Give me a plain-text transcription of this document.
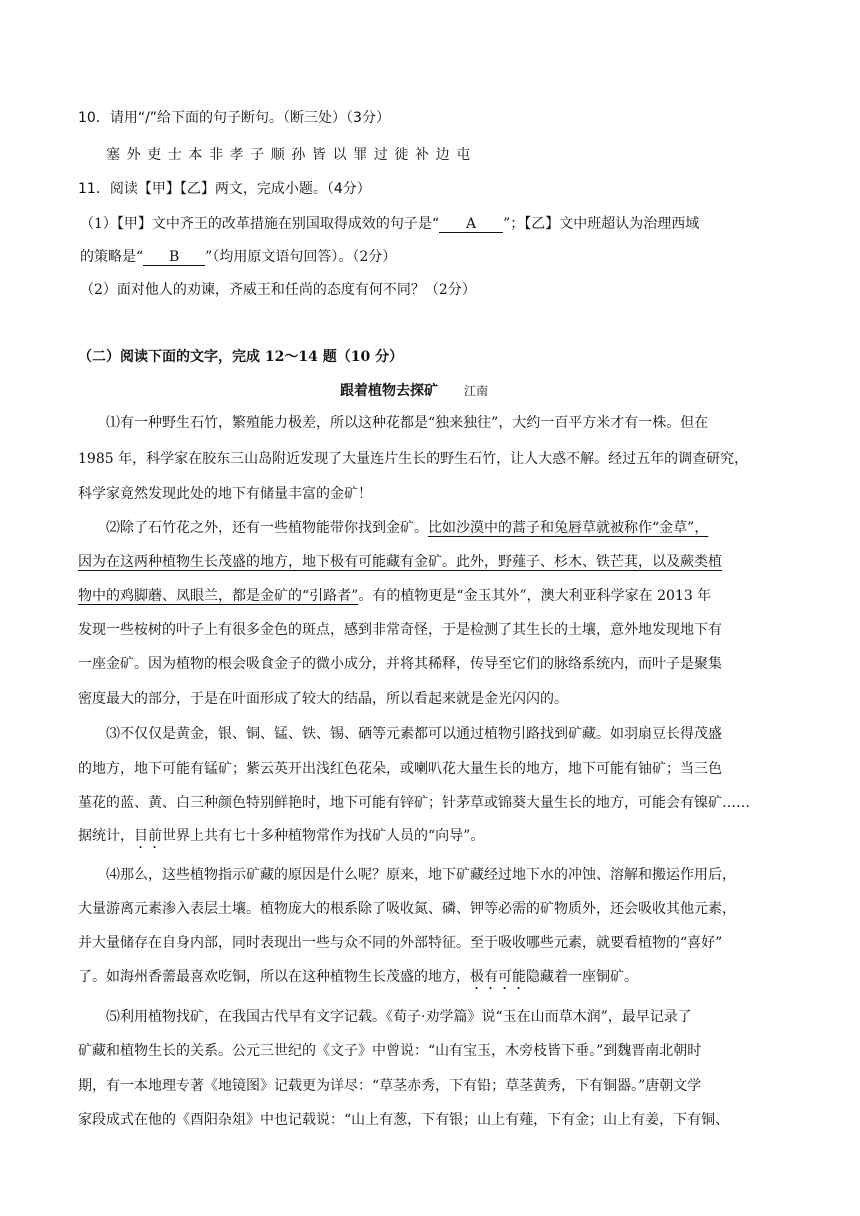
10．请用“/”给下面的句子断句。（断三处）（3分）
塞外吏士本非孝子顺孙皆以罪过徙补边屯
11．阅读【甲】【乙】两文，完成小题。（4分）
（1）【甲】文中齐王的改革措施在别国取得成效的句子是“ A ”；【乙】文中班超认为治理西域
的策略是“ B ”（均用原文语句回答）。（2分）
（2）面对他人的劝谏，齐威王和任尚的态度有何不同？（2分）
（二）阅读下面的文字，完成 12～14 题（10 分）
跟着植物去探矿 江南
⑴有一种野生石竹，繁殖能力极差，所以这种花都是“独来独往”，大约一百平方米才有一株。但在
1985 年，科学家在胶东三山岛附近发现了大量连片生长的野生石竹，让人大惑不解。经过五年的调查研究，
科学家竟然发现此处的地下有储量丰富的金矿！
⑵除了石竹花之外，还有一些植物能带你找到金矿。比如沙漠中的蒿子和兔唇草就被称作“金草”，
因为在这两种植物生长茂盛的地方，地下极有可能藏有金矿。此外，野薤子、杉木、铁芒萁，以及蕨类植
物中的鸡脚蘑、凤眼兰，都是金矿的“引路者”。有的植物更是“金玉其外”，澳大利亚科学家在 2013 年
发现一些桉树的叶子上有很多金色的斑点，感到非常奇怪，于是检测了其生长的土壤，意外地发现地下有
一座金矿。因为植物的根会吸食金子的微小成分，并将其稀释，传导至它们的脉络系统内，而叶子是聚集
密度最大的部分，于是在叶面形成了较大的结晶，所以看起来就是金光闪闪的。
⑶不仅仅是黄金，银、铜、锰、铁、锡、硒等元素都可以通过植物引路找到矿藏。如羽扇豆长得茂盛
的地方，地下可能有锰矿；紫云英开出浅红色花朵，或喇叭花大量生长的地方，地下可能有铀矿；当三色
堇花的蓝、黄、白三种颜色特别鲜艳时，地下可能有锌矿；针茅草或锦葵大量生长的地方，可能会有镍矿……
据统计，目前世界上共有七十多种植物常作为找矿人员的“向导”。
⑷那么，这些植物指示矿藏的原因是什么呢？原来，地下矿藏经过地下水的冲蚀、溶解和搬运作用后，
大量游离元素渗入表层土壤。植物庞大的根系除了吸收氮、磷、钾等必需的矿物质外，还会吸收其他元素，
并大量储存在自身内部，同时表现出一些与众不同的外部特征。至于吸收哪些元素，就要看植物的“喜好”
了。如海州香薷最喜欢吃铜，所以在这种植物生长茂盛的地方，极有可能隐藏着一座铜矿。
⑸利用植物找矿，在我国古代早有文字记载。《荀子·劝学篇》说“玉在山而草木润”，最早记录了
矿藏和植物生长的关系。公元三世纪的《文子》中曾说：“山有宝玉，木旁枝皆下垂。”到魏晋南北朝时
期，有一本地理专著《地镜图》记载更为详尽：“草茎赤秀，下有铅；草茎黄秀，下有铜器。”唐朝文学
家段成式在他的《酉阳杂俎》中也记载说：“山上有葱，下有银；山上有薤，下有金；山上有姜，下有铜、
